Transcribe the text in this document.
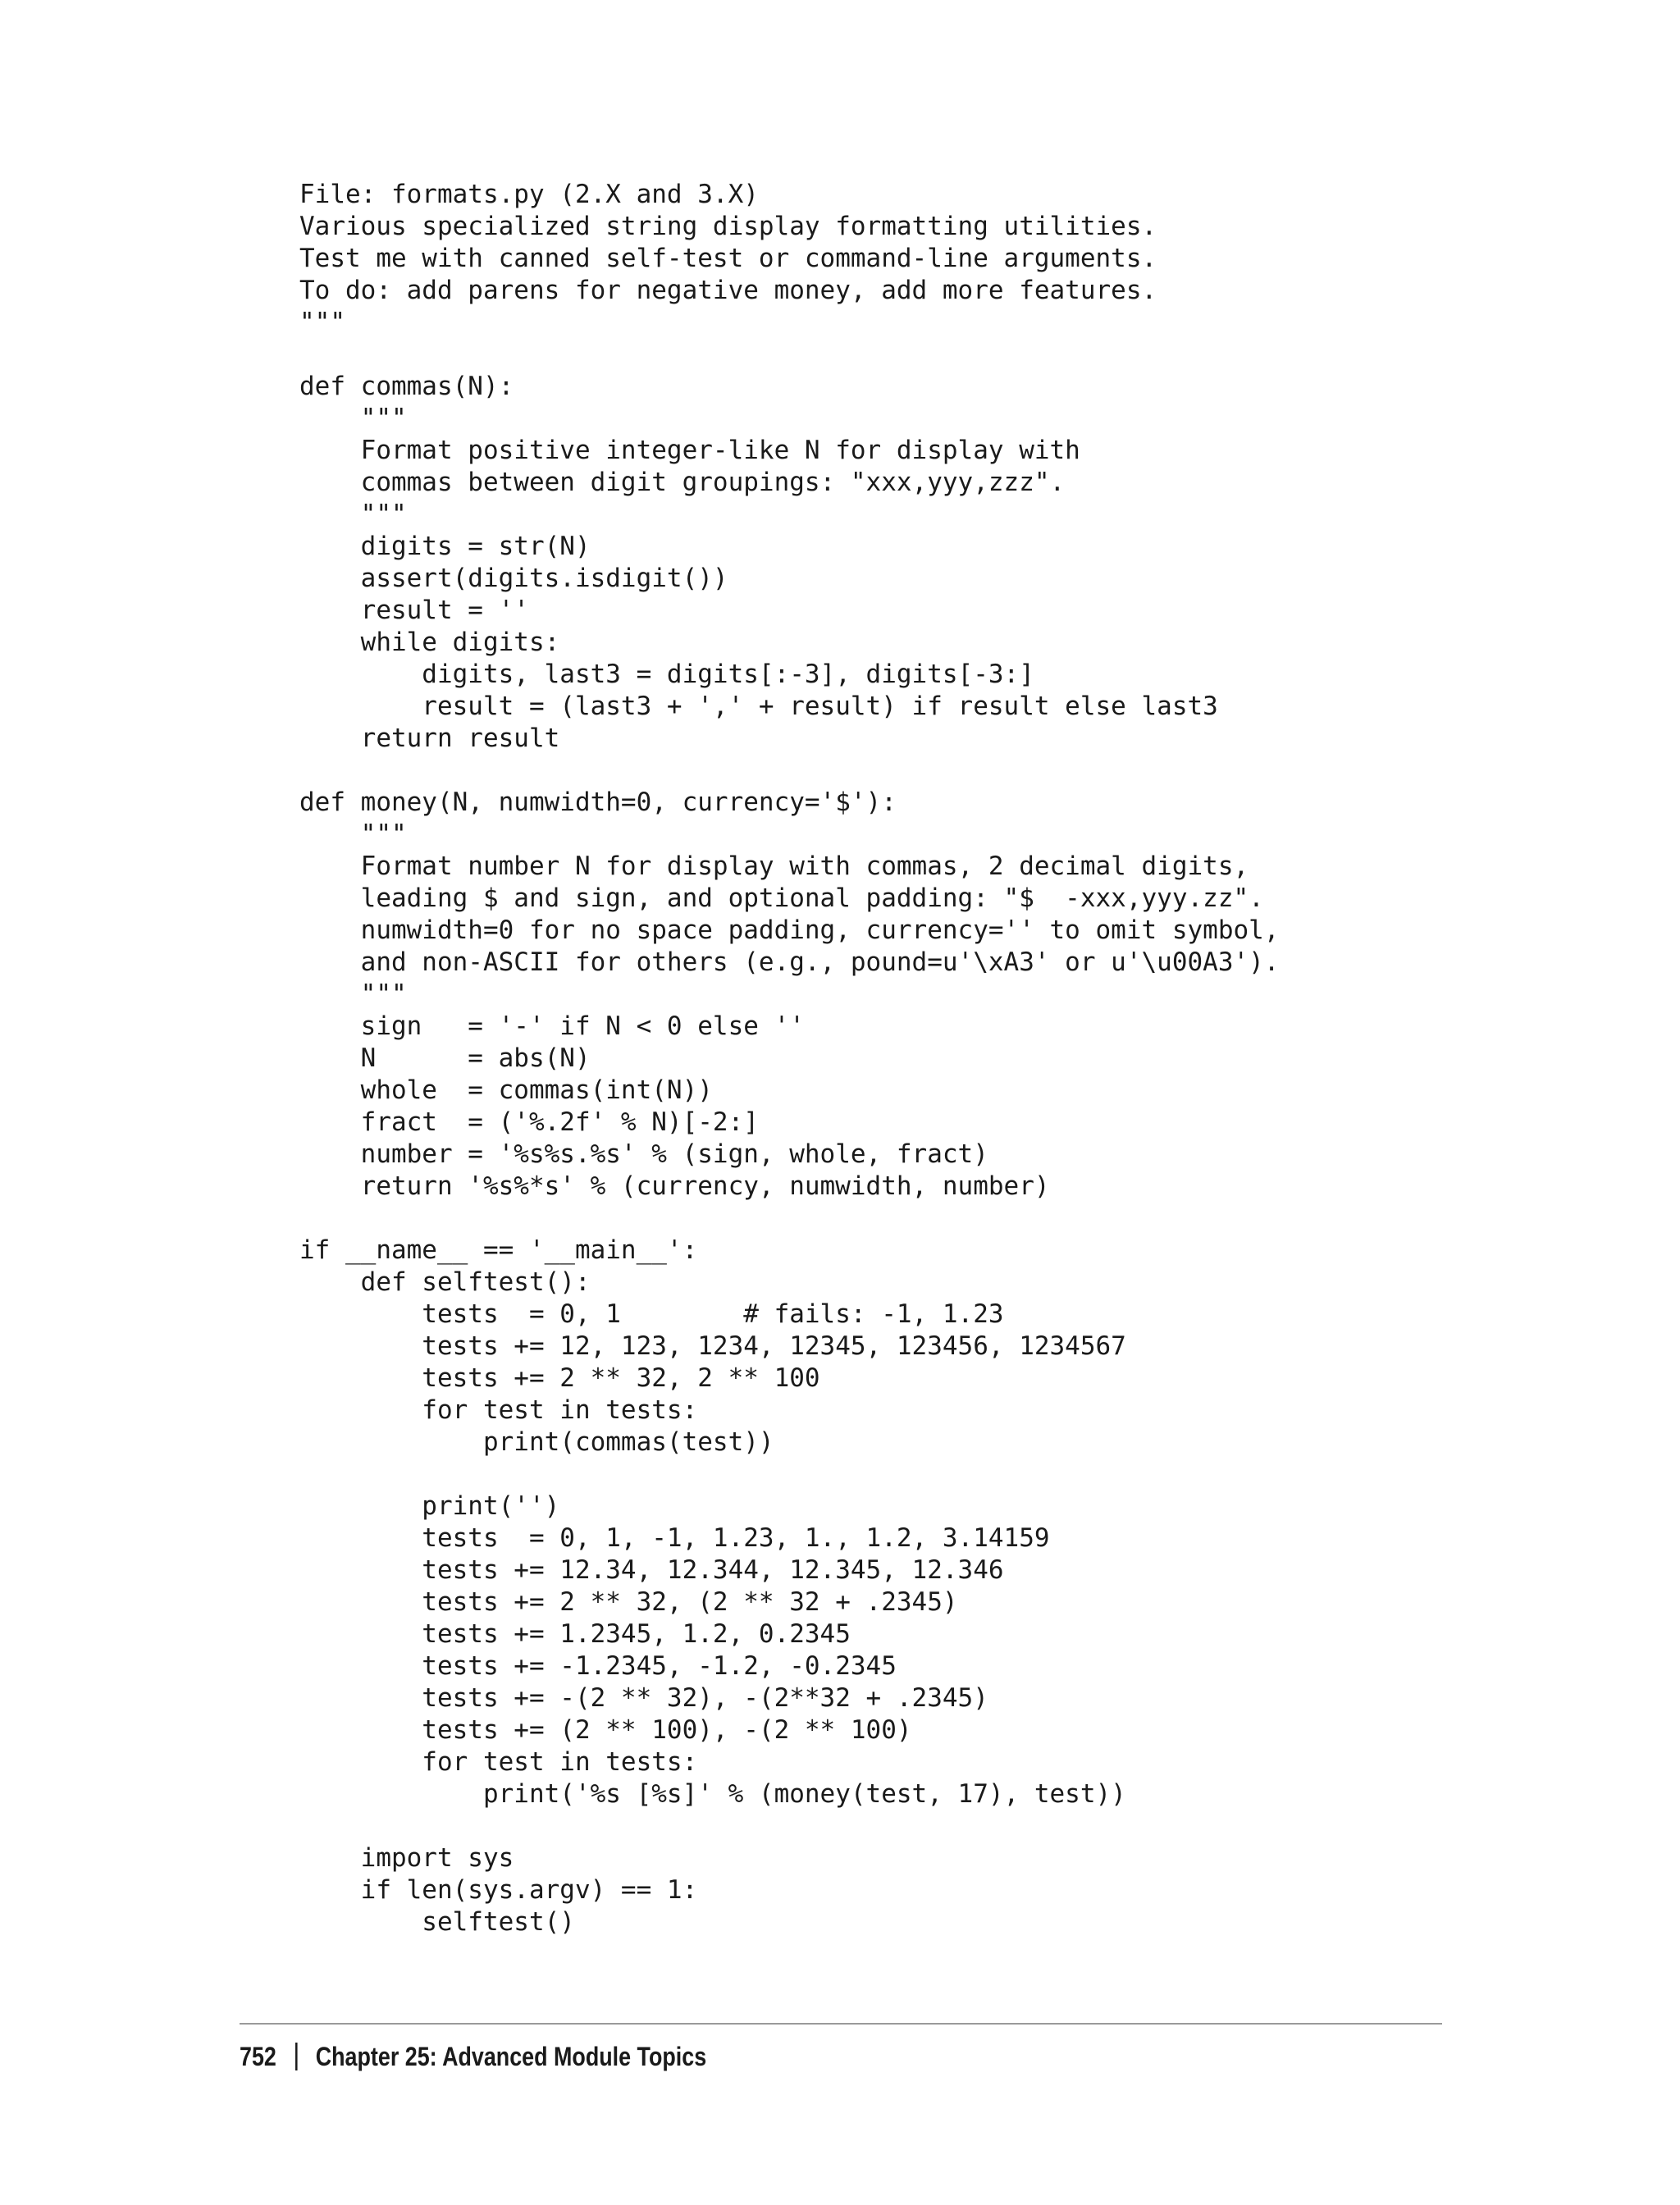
File: formats.py (2.X and 3.X)
Various specialized string display formatting utilities.
Test me with canned self-test or command-line arguments.
To do: add parens for negative money, add more features.
"""
def commas(N):
"""
Format positive integer-like N for display with
commas between digit groupings: "xxx,yyy,zzz".
"""
digits = str(N)
assert(digits.isdigit())
result = ''
while digits:
digits, last3 = digits[:-3], digits[-3:]
result = (last3 + ',' + result) if result else last3
return result
def money(N, numwidth=0, currency='$'):
"""
Format number N for display with commas, 2 decimal digits,
leading $ and sign, and optional padding: "$  -xxx,yyy.zz".
numwidth=0 for no space padding, currency='' to omit symbol,
and non-ASCII for others (e.g., pound=u'\xA3' or u'\u00A3').
"""
sign   = '-' if N < 0 else ''
N      = abs(N)
whole  = commas(int(N))
fract  = ('%.2f' % N)[-2:]
number = '%s%s.%s' % (sign, whole, fract)
return '%s%*s' % (currency, numwidth, number)
if __name__ == '__main__':
def selftest():
tests  = 0, 1        # fails: -1, 1.23
tests += 12, 123, 1234, 12345, 123456, 1234567
tests += 2 ** 32, 2 ** 100
for test in tests:
print(commas(test))
print('')
tests  = 0, 1, -1, 1.23, 1., 1.2, 3.14159
tests += 12.34, 12.344, 12.345, 12.346
tests += 2 ** 32, (2 ** 32 + .2345)
tests += 1.2345, 1.2, 0.2345
tests += -1.2345, -1.2, -0.2345
tests += -(2 ** 32), -(2**32 + .2345)
tests += (2 ** 100), -(2 ** 100)
for test in tests:
print('%s [%s]' % (money(test, 17), test))
import sys
if len(sys.argv) == 1:
selftest()
752 Chapter 25: Advanced Module Topics
